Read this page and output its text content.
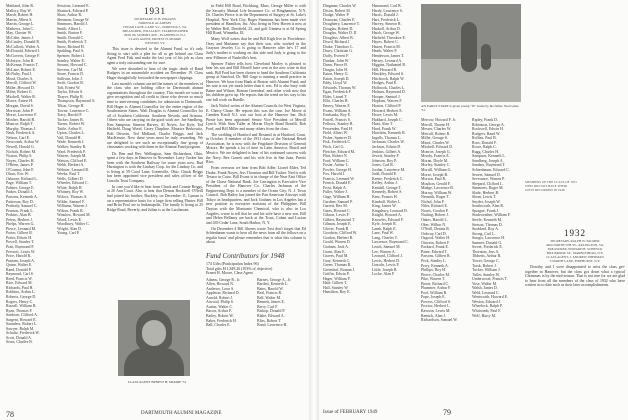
Maitland, John R.
Mallory, Ray W.
Marsh, Robert H.
Martin, Albert S.
Martin, George L.
Mathews, John C.
May, Chester W.
McCabe, James J.
McCauley, Donald R.
McCulloch, Walter A.
McDonald, Edward J.
McGovern, George F.
McIntyre, John B.
McKenna, Francis T.
McLane, Robert E.
McNulty, Paul J.
Mead, Charles A.
Merrill, Clifford W.
Miller, Howard D.
Milne, Robert G.
Mitchell, Walter R.
Moore, Ernest H.
Morgan, David S.
Morrison, John P.
Morse, Lawrence F.
Mosher, Harold B.
Munroe, Ralph T.
Murphy, Thomas J.
Nash, Frederick A.
Nelson, Carl E.
Newcomb, Arthur W.
Newell, Harold G.
Nichols, Robert M.
Norton, Philip S.
Noyes, Charles H.
O'Brien, James P.
O'Connor, John F.
Olson, Eric W.
Osborne, Richard L.
Page, William T.
Palmer, George E.
Parker, Donald J.
Parsons, Kenneth A.
Patterson, Roy D.
Peabody, Samuel C.
Pearson, Frank L.
Perkins, Alan B.
Peters, Herbert J.
Phelps, Warren G.
Pierce, Leonard M.
Porter, Gilbert R.
Potter, Edwin H.
Powell, Stanley T.
Pratt, Raymond F.
Prescott, Lewis W.
Price, Harold K.
Putnam, Joseph A.
Quinn, Walter E.
Rand, Donald P.
Raymond, Carl S.
Reed, Francis W.
Rice, Edward M.
Richards, Paul H.
Robbins, Arthur L.
Roberts, George D.
Rogers, Henry C.
Russell, William B.
Ryan, Thomas F.
Sanborn, Clifford A.
Sargent, Howard E.
Saunders, Robert L.
Sawyer, Ralph M.
Schultz, Frederick W.
Scott, Donald A.
Sears, Charles B.
Sessions, Leonard E.
Shattuck, Edward P.
Shaw, Arthur R.
Sherman, George W.
Simmons, Harold J.
Smith, Albert L.
Smith, Burton F.
Smith, Donald C.
Smith, Frederick T.
Snow, Richard H.
Spalding, Paul A.
Spencer, Robert J.
Stanley, Walter E.
Stearns, Howard C.
Stevens, Carl M.
Stone, Francis D.
Sullivan, John J.
Swift, Gordon B.
Taft, Ernest W.
Taylor, Edwin S.
Thayer, Philip R.
Thompson, Raymond A.
Tilton, George H.
Towne, Lawrence C.
Tracy, Harold F.
Tucker, James B.
Turner, Robert W.
Tuttle, Arthur E.
Upton, Charles L.
Vail, Donald H.
Wade, Kenneth J.
Walker, Stanley R.
Ward, Frederick P.
Warren, Joseph M.
Watson, Clifford E.
Webb, Herbert A.
Webster, Leonard B.
Weeks, Paul T.
Wells, Gilbert D.
Wheeler, Edward C.
White, Ralph H.
Whitney, Roy W.
Wilcox, Thomas A.
Wilder, Samuel F.
Williams, Warren J.
Wilson, Frank R.
Winslow, Howard M.
Wood, Lewis E.
Woodbury, Walter C.
Wright, Alan D.
Young, Carl P.
1931
SECRETARY, N. B. HIGGINS
NORFOLK ACADEMY
CEDAR LANE, LANE S.C., NORFOLK 5, VA.
TREASURER, WILLIAM F. STARKWEATHER
BOX 99, SUMMIT AVE., PLAINFIELD, N.J.
CLASS AGENT, ERNEST H. MOORE
WESTON, VT.

This issue is devoted to the Alumni Fund, so it's only fitting to start with a plea for all to get behind our Class Agent Fred Fisk and make the last year of his job as class agent a truly outstanding one for sure.

We were disturbed to hear of the tragic death of Rand Rodgers in an automobile accident on December 19. Class Hager thoughtfully forwarded the newspaper clippings.

Last month's column carried the names of the members of the class who are holding office in Dartmouth alumni organizations throughout the country. This month we want to give recognition and all credit to those who devote so much time to interviewing candidates for admission to Dartmouth. Bill Hager is Alumni Councillor for the entire region of the Southeastern States. Walt Douglas is Alumni Councillor for all of Southern California. Southern Nevada, and Arizona. Others who are carrying on the good work are: Joe Sandberg, Ken Sampson, Simeon Harvey, Al Noyes, Joe Kyle, Ted Hatfield, Doug Wood, Casey Chapline, Maurice Berkowitz, Bob Ottwein, Ted Midland, Charlie Briggs, and Jack MacKenzie. Now these years must be truly rewarding. We are delighted to see such an exceptionally fine group of classmates working with them in the Alumni Fund program.

Dr. Ben and Rev. Wellington, Sam Richardson, Ohio, spent a few days in Hanover in November. Larry Tucker has been with the Southern Railway for some years now. Bud Harrington is with the Lindsay Corp. for the Lindsay Co. and is living at 59 Carol Lane, Greenville, Ohio. Chuck Briggs has been appointed vice president and sales officer of the Lincoln Trust Company.

In case you'd like to hear from Chuck and Connie Briggs, at 20 Ann Court. Also to hear that Dennis Rockwell O'Neill had joined his brother, Buckley, on December 11. Lyman is on a representative basis for a large firm selling Plaster. Bill and Brita Pool are to Indianapolis. The family is living at 25 Ridge Road, Beverly, and Julian is at the Larchmont.

CLASS AGENT ERNEST H. MOORE '31

in Field Hill Road, Fitchburg, Mass. George Miller is with the Security Mutual Life Insurance Co. of Binghamton, N.Y. Dr. Charles Pierce is in the Department of Surgery at St. Luke's Hospital, New York City. Roger Simmons has been made vice president of Hamilton, Inc. Also living in New Haven is now at by Walter Bell, Deerfield, 23, and golf Ginness is at 64 Spring Hill Road, Winnetka, Ill.

Many Wolf writes that he and Bill Kigh live in Providence. Ozzy and Marianne say that their son, who worked in the Grayson Jewelry Co. is going to Hanover after he's 17 and Judy's mother is working on this side and Judy is going to the new Fillmore of Nashville's best.

Spencer Fisher tells how Cleveland Morley is pleased to hear his son and Bill Morrill have sent in the new wine in that rank. Bill Ford has been chosen to head the Southern California group at Stanford. Dr. Bill Gage is running a small practice in Hanover. We hear from Hank at Boston with Alumni Fund, and his rate is not yet much better than it was. Ed is also busy with Baine and Wilson, Roman Greenleaf, and other work now that his children grew up. He reports that the trend on his way to his one full work on Rundle.

Jack Nichol writes of the Alumni Councils for West Virginia, E. Cherry Chase. He reports this was the case. Joe Morse at Camden Knoll N.J. was our host at the Hanover Inn. Dick Pirnie has been appointed Senior Vice President of Merrill Lynch. With Stan Tuller at Moran Doyle Rand Bonelli, Bob Ford, and Bill Miller and many others from the class.

The wedding of Hartford and Rexamil in at Hartford, Conn. in October. A member of the 1931 class of the National Retail Association, he is now with the Frigidaire Division of General Motors. He spends a lot of time in Latin America, Brazil and Mexico. We are delighted to hear of his continued success with the Navy. Rex Garrett and his wife live in San Juan, Puerto Rico.

From overseas we hear from Bob Adler, Lionel Elder, Ted Drake, Frank Noyes, Jess Thornton and Bill Tucker. Ned is with Texaco in Cairo. Bill Evans is in charge of the Near East Office of the Chase National Bank. Joe Carrington is Executive Vice President of the Hanover Co. Charles Jackman of the Engineering Dept. is a member of the Ocean City, N. J. Town Council. Bob Bailey has joined the Pan American Airways with Tokyo as headquarters, and Jack Graham in Los Angeles has a new position as executive assistant of the Philippine, Bill Dayton with the Monsanto Chemical, who is also in Los Angeles, wrote to tell that he and his wife have a new son. Bill and Helen Bellamy are back at the Trout, Cuban and Lucian and 439 Cedar Lane, South Harbor, N. Y.

On December 4 Bill Ahrens wrote 'Just don't forget that Ed Schienbaum wants to hear all the news from all the fellows on a regular basis' and please remember that is what this column is about.

Fund Contributors for 1948
174 Gifts (Participation Index 96)
Total gifts $11,849.26 (103% of objective)
Ernest H. Moore, Class Agent
Adams, George R., Jr.
Allen, Howard N.
Andrews, Leon S.
Appleton, Richard D.
Arnold, Robert J.
Atwood, Philip S.
Austin, Walter C.
Bacon, Arthur F.
Bailey, Robert W.
Baker, Frederick H.
Ball, Charles E.
Barnes, George A., Jr.
Bartlett, Kenneth L.
Bates, Harold W.
Beal, Francis R.
Bell, Walter M.
Bennett, James E.
Berry, Carl F.
Bishop, Donald P.
Blake, Edward A.
Bliss, Robert T.
Bond, Lawrence H.
78	DARTMOUTH ALUMNI MAGAZINE
Dingman, Charles W.
Dixon, Robert M.
Dodge, Walter P.
Donovan, Charles F.
Doughtery, Laurence T.
Douglas, Robert D.
Douglas, Walter D. II
Douglass, Albert B.
Dowd, Richard J.
Drake, Theodore L.
Drury, Christian G.
Duffy, Everett F.
Dunbar, John W.
Dunn, Pierce B.
Durgin, John H.
Eaton, Henry G.
Eaton, Joseph D.
Eddy, Lloyd W.
Edwards, Thomas W.
Egan, Frederick F.
Elder, Lionel T.
Ellis, Charles B.
Emery, Warren F.
Evans, William A.
Fairbanks, Roy E.
Farrell, Francis S.
Fellows, Stanley R.
Fessenden, Paul H.
Field, Albert W.
Fisher, Spencer D.
Fisk, Frederick C.
Fitch, Carl G.
Fletcher, Edward M.
Flint, Robert N.
Ford, William C.
Foster, Arthur L.
Fowler, George H.
Fox, Harold J.
Francis, Leonard W.
French, Donald E.
Frost, Ralph A.
Fuller, Walter J.
Gage, William H.
Gardner, Samuel P.
Garrett, Rex M.
Gates, Howard C.
Gibson, Lewis F.
Gilbert, Raymond T.
Gilman, Joseph E.
Glover, Frank B.
Goodwin, Clifford W.
Gordon, Herbert R.
Gould, Warren D.
Graham, Jack A.
Grant, Alan E.
Graves, Paul M.
Gray, Kenneth C.
Green, Thomas R.
Greenleaf, Roman J.
Griffin, Edwin P.
Hager, William F.
Hale, Gilbert T.
Hall, Stanley W.
Hamilton, Roy E.
Hammond, Carl B.
Hardy, Lawrence S.
Harris, Donald J.
Hart, Frederick L.
Harvey, Simeon R.
Haskell, Arthur D.
Hatch, George W.
Hatfield, Theodore E.
Hayes, Robert C.
Hazen, Francis M.
Heath, Walter P.
Henderson, James T.
Hersey, Leonard A.
Higgins, Nathaniel B.
Hill, Howard R.
Hinckley, Edward S.
Hitchcock, Ralph W.
Hodges, Paul E.
Holbrook, Charles L.
Holmes, Raymond D.
Hooper, Samuel J.
Hopkins, Warren F.
Horton, Clifford P.
Howard, Herbert E.
Howe, Lewis M.
Hubbard, Joseph C.
Hunt, Alan T.
Hurd, Frank W.
Hutchins, Kenneth R.
Ingalls, Thomas L.
Jackman, Charles W.
Jackson, Edwin D.
Jenkins, Gilbert A.
Jewett, Stanley F.
Johnson, Roy P.
Jones, Carl R.
Jordan, Lawrence M.
Judd, Donald E.
Keene, Frederick C.
Kelley, Arthur J.
Kendall, George T.
Kennedy, Robert S.
Kent, Francis H.
Kimball, Walter L.
King, James W.
Kingsbury, Leonard D.
Knight, Howard A.
Knowles, Edward F.
Kyle, Joseph R.
Lamb, Ralph E.
Lane, Paul W.
Lang, Charles T.
Lawrence, Raymond C.
Leach, Samuel M.
Lee, Warren A.
Leonard, Clifford J.
Lewis, Herbert D.
Lincoln, Lewis P.
Little, Joseph B.
Locke, Alan F.
AN EARLY START is given young "Ib" Guise by his father, Ned Guise '31.
Merrow, Howard F. Jr.
Merrill, Thorne H.
Messer, Charles W.
Metcalf, Robert R.
Miller, George S.
Minot, Charles W.
Mitchell, Edward D.
Monroe, Joseph G.
Moody, Francis E.
Moran, Doyle M.
Morley, Stanley C.
Morrill, William G.
Morse, Joseph B.
Morton, Paul R.
Moulton, Gerald F.
Mudge, Lawrence B.
Murray, William W.
Nesmith, Roger T.
Nichol, John F.
Niles, Richard E.
Norris, Gordon P.
Nutting, Robert J.
Oakes, Harold L.
Ober, Wilbur N.
O'Neill, Dennis R.
Ordway, Carl D.
Osgood, Walter H.
Ottwein, Robert F.
Packard, Frank E.
Paine, Edward T.
Parsons, Gilbert R.
Peck, Stanley L.
Perry, Kenneth A.
Phillips, Roy H.
Pierce, Charles M.
Pike, Warren T.
Pirnie, Richard C.
Plummer, Arthur F.
Pool, William R.
Pope, Joseph E.
Powers, Clifford S.
Proctor, Herbert L.
Rawson, Lewis M.
Remick, Alan J.
Richardson, Samuel W.
Ripley, Frank D.
Robinson, George A.
Rockwell, Edwin H.
Rodgers, Rand W.
Rollins, Paul B.
Ross, Donald F.
Rowe, Ralph C.
Rugg, Charles H.
Sampson, Kenneth L.
Sandberg, Joseph A.
Sanders, Raymond T.
Schienbaum, Edward C.
Seaver, Samuel D.
Severance, Warren P.
Shepard, Clifford L.
Simmons, Roger M.
Slade, Herbert B.
Sloan, Lewis T.
Snyder, Joseph W.
Southworth, Alan R.
Sprague, Frank J.
Starkweather, William F.
Steele, Kenneth M.
Stetson, Thomas D.
Stoddard, Roy A.
Strong, Carl L.
Sturgis, Lawrence H.
Sumner, Donald G.
Sweet, Frederick E.
Thornton, Jess A.
Tibbetts, Arthur R.
Tower, George C.
Trask, Robert J.
Tucker, William J.
Tuller, Stanley W.
Underwood, Francis T.
Vose, Walter M.
Walsh, James D.
Weld, Leonard C.
Wentworth, Howard E.
Weston, Edward J.
Wheelock, Ralph P.
Whitcomb, Paul F.
Wolf, Harry M.
MEMBERS OF THE CLASS OF 1931
WHO DID NOT HAVE THEIR
GIFTS RECORDED IN 1948
1932
SECRETARY, RALPH W. PALMER
4404 NORTH 5TH ST., ARLINGTON, VA.
TREASURER, EDWARD B. SCHENCK
BOX BROOK ST., MARBLEHEAD, N.Y.
CLASS AGENT, J. ANDREW SHERMAN
3 NORTH LANE, PINEHURST, N.Y.

Dorothy and I were disappointed to miss the class get-together in Hanover, but the class got down what a typical Christmas is by the mid-season. That is not true for we are glad to hear from all the members of the class of 1932 who have written us to date such as their later accomplishments.

Issue of FEBRUARY 1949	79
